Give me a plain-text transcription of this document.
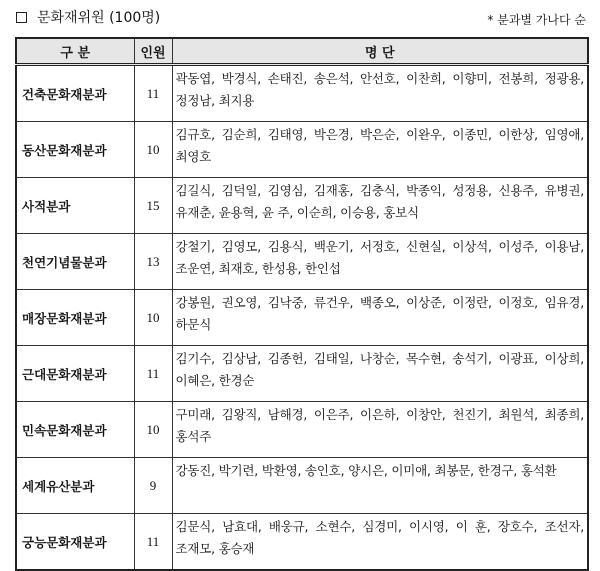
문화재위원 (100명)	* 분과별 가나다 순
구 분	인원	명 단
건축문화재분과	11	곽동엽, 박경식, 손태진, 송은석, 안선호, 이찬희, 이향미, 전봉희, 정광용, 정정남, 최지용
동산문화재분과	10	김규호, 김순희, 김태영, 박은경, 박은순, 이완우, 이종민, 이한상, 임영애, 최영호
사적분과	15	김길식, 김덕일, 김영심, 김재홍, 김충식, 박종익, 성정용, 신용주, 유병권, 유재춘, 윤용혁, 윤 주, 이순희, 이승용, 홍보식
천연기념물분과	13	강철기, 김영모, 김용식, 백운기, 서정호, 신현실, 이상석, 이성주, 이용남, 조운연, 최재호, 한성용, 한인섭
매장문화재분과	10	강봉원, 권오영, 김낙중, 류건우, 백종오, 이상준, 이정란, 이정호, 임유경, 하문식
근대문화재분과	11	김기수, 김상남, 김종헌, 김태일, 나창순, 목수현, 송석기, 이광표, 이상희, 이혜은, 한경순
민속문화재분과	10	구미래, 김왕직, 남해경, 이은주, 이은하, 이창안, 천진기, 최원석, 최종희, 홍석주
세계유산분과	9	강동진, 박기련, 박환영, 송인호, 양시은, 이미애, 최봉문, 한경구, 홍석환
궁능문화재분과	11	김문식, 남효대, 배웅규, 소현수, 심경미, 이시영, 이 훈, 장호수, 조선자, 조재모, 홍승재
